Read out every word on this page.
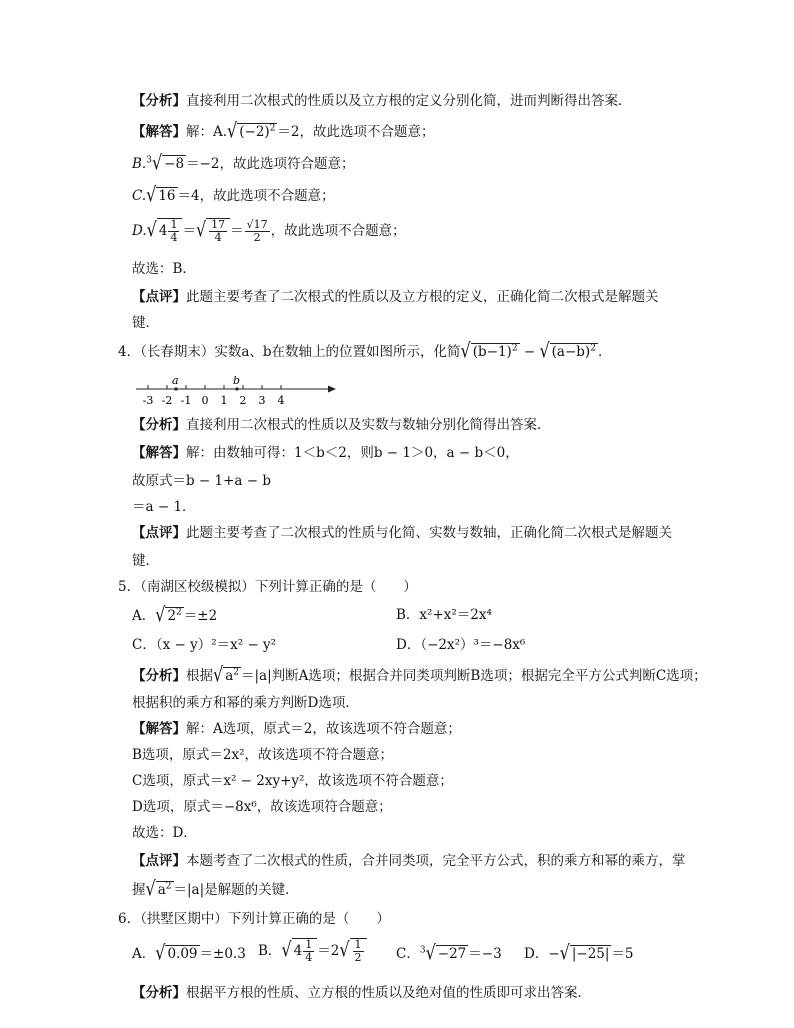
【分析】直接利用二次根式的性质以及立方根的定义分别化简，进而判断得出答案．
【解答】解：A.√ $(-2)^2 =2$，故此选项不合题意；
B.$^3$√ −8 ＝−2，故此选项符合题意；
C.√ 16 ＝4，故此选项不合题意；
D.√ $4 \frac{1}{4}$ ＝√ $\frac{17}{4} = \frac{√17}{2}$ ，故此选项不合题意；
故选：B．
【点评】此题主要考查了二次根式的性质以及立方根的定义，正确化简二次根式是解题关
键．
4．（长春期末）实数a、b在数轴上的位置如图所示，化简√ $(b-1)^2$ − √ $(a-b)^2$ ．
-3 -2 -1 0 1 2 3 4
a	b
【分析】直接利用二次根式的性质以及实数与数轴分别化简得出答案．
【解答】解：由数轴可得：1＜b＜2，则b − 1＞0，a − b＜0，
故原式＝b − 1+a − b
＝a − 1．
【点评】此题主要考查了二次根式的性质与化简、实数与数轴，正确化简二次根式是解题关
键．
5．（南湖区校级模拟）下列计算正确的是（　　）
A．√ $2^2 =\pm 2$	B．x²+x²＝2x⁴
C．（x − y）²＝x² − y²	D．（−2x²）³＝−8x⁶
【分析】根据√ $a^2 =|a|$判断A选项；根据合并同类项判断B选项；根据完全平方公式判断C选项；
根据积的乘方和幂的乘方判断D选项．
【解答】解：A选项，原式＝2，故该选项不符合题意；
B选项，原式＝2x²，故该选项不符合题意；
C选项，原式＝x² − 2xy+y²，故该选项不符合题意；
D选项，原式＝−8x⁶，故该选项符合题意；
故选：D．
【点评】本题考查了二次根式的性质，合并同类项，完全平方公式，积的乘方和幂的乘方，掌
握√ $a^2 =|a|$是解题的关键．
6．（拱墅区期中）下列计算正确的是（　　）
A．√ 0.09 ＝±0.3 B．√ $4 \frac{1}{4} =2√ \frac{1}{2}$ C．$^3$√ −27 ＝−3 D．−√ |−25| ＝5
【分析】根据平方根的性质、立方根的性质以及绝对值的性质即可求出答案．
